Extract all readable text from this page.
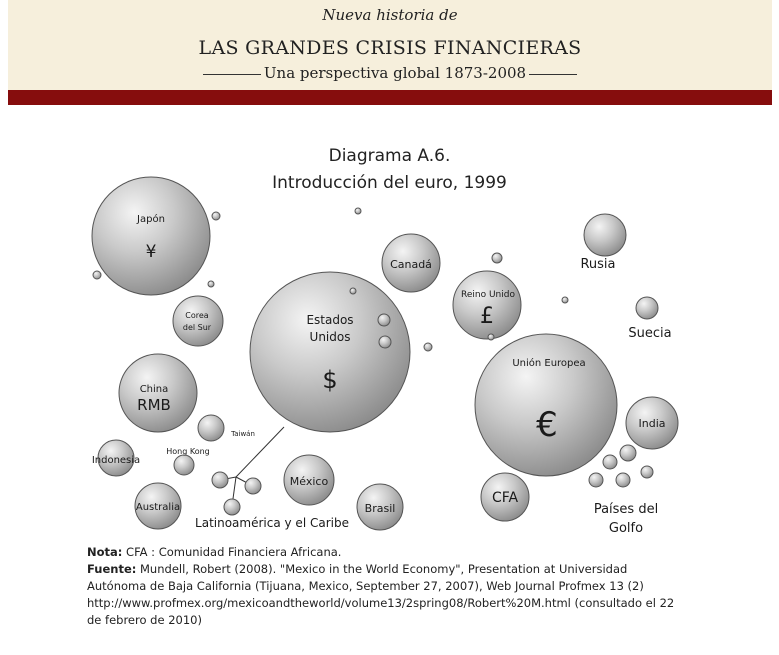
Nueva historia de
LAS GRANDES CRISIS FINANCIERAS
Una perspectiva global 1873-2008
Diagrama A.6.
Introducción del euro, 1999
Japón
¥
Corea
del Sur
Estados
Unidos
$
Canadá
Reino Unido
£
Rusia
Suecia
Unión Europea
€	India
CFA
Países del
Golfo
China
RMB
Taiwán
Hong Kong
Indonesia
Australia
México
Brasil
Latinoamérica y el Caribe

Nota: CFA : Comunidad Financiera Africana.

Fuente: Mundell, Robert (2008). "Mexico in the World Economy", Presentation at Universidad Autónoma de Baja California (Tijuana, Mexico, September 27, 2007), Web Journal Profmex 13 (2) http://www.profmex.org/mexicoandtheworld/volume13/2spring08/Robert%20M.html (consultado el 22 de febrero de 2010)
